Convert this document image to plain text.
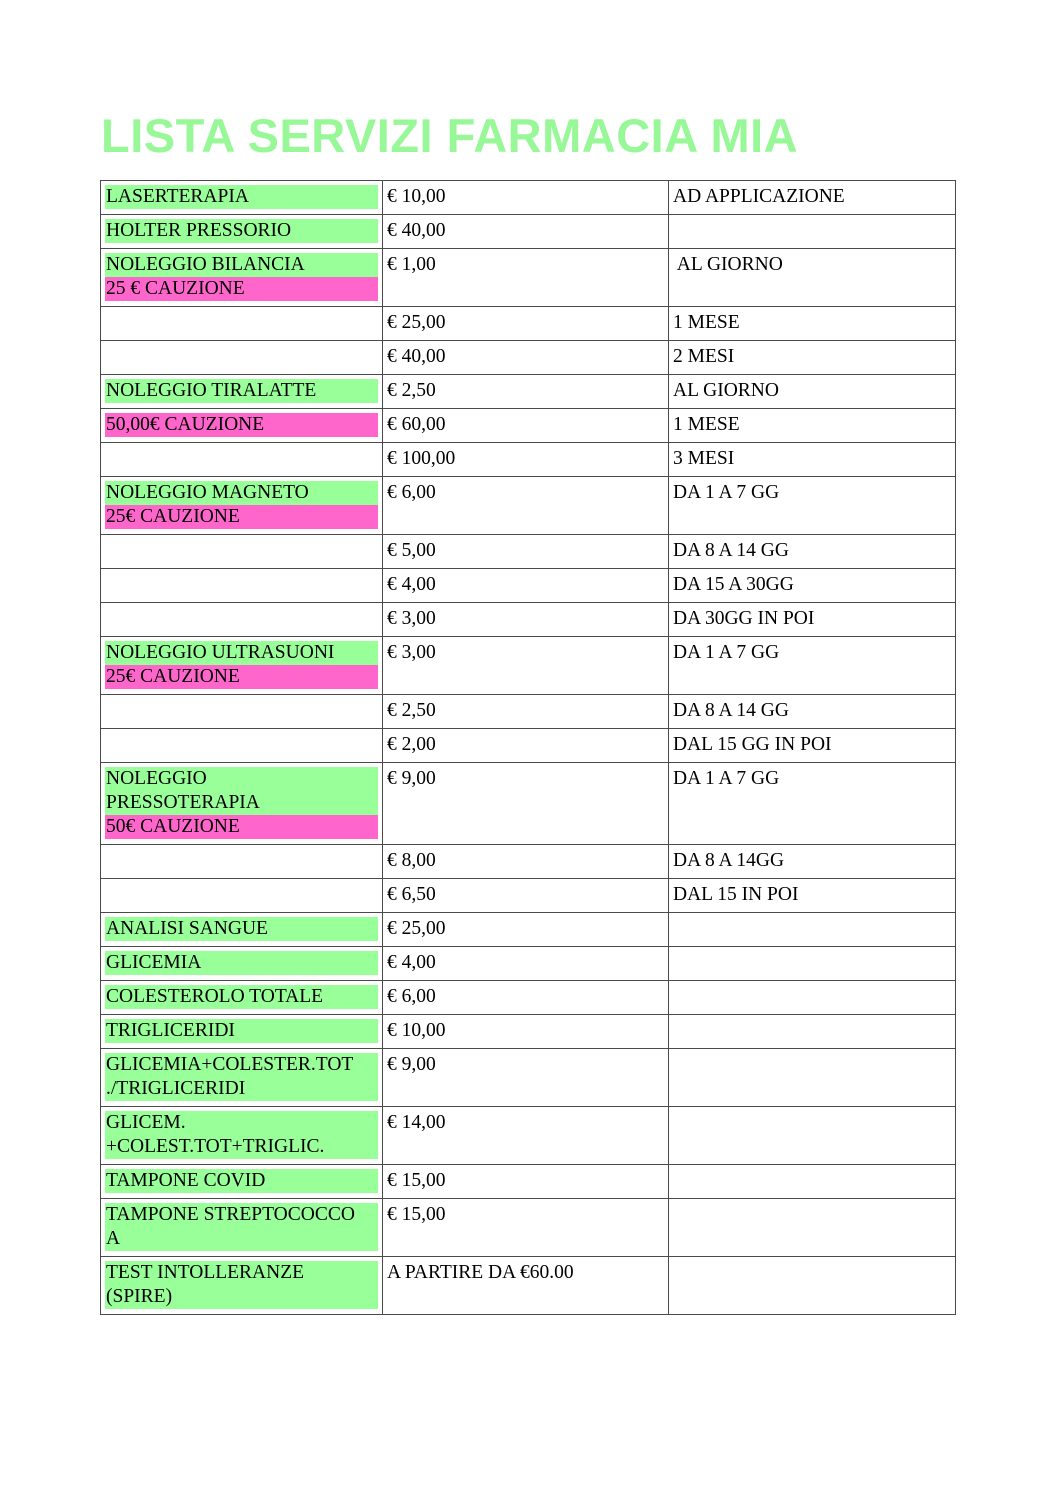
LISTA SERVIZI FARMACIA MIA
LASERTERAPIA	€ 10,00	AD APPLICAZIONE

HOLTER PRESSORIO	€ 40,00	

NOLEGGIO BILANCIA
25 € CAUZIONE	€ 1,00	AL GIORNO
	€ 25,00	1 MESE
	€ 40,00	2 MESI

NOLEGGIO TIRALATTE	€ 2,50	AL GIORNO

50,00€ CAUZIONE	€ 60,00	1 MESE
	€ 100,00	3 MESI

NOLEGGIO MAGNETO
25€ CAUZIONE	€ 6,00	DA 1 A 7 GG
	€ 5,00	DA 8 A 14 GG
	€ 4,00	DA 15 A 30GG
	€ 3,00	DA 30GG IN POI

NOLEGGIO ULTRASUONI
25€ CAUZIONE	€ 3,00	DA 1 A 7 GG
	€ 2,50	DA 8 A 14 GG
	€ 2,00	DAL 15 GG IN POI

NOLEGGIO
PRESSOTERAPIA
50€ CAUZIONE	€ 9,00	DA 1 A 7 GG
	€ 8,00	DA 8 A 14GG
	€ 6,50	DAL 15 IN POI

ANALISI SANGUE	€ 25,00	

GLICEMIA	€ 4,00	

COLESTEROLO TOTALE	€ 6,00	

TRIGLICERIDI	€ 10,00	

GLICEMIA+COLESTER.TOT
./TRIGLICERIDI	€ 9,00	

GLICEM.
+COLEST.TOT+TRIGLIC.	€ 14,00	

TAMPONE COVID	€ 15,00	

TAMPONE STREPTOCOCCO
A	€ 15,00	

TEST INTOLLERANZE
(SPIRE)	A PARTIRE DA €60.00	
